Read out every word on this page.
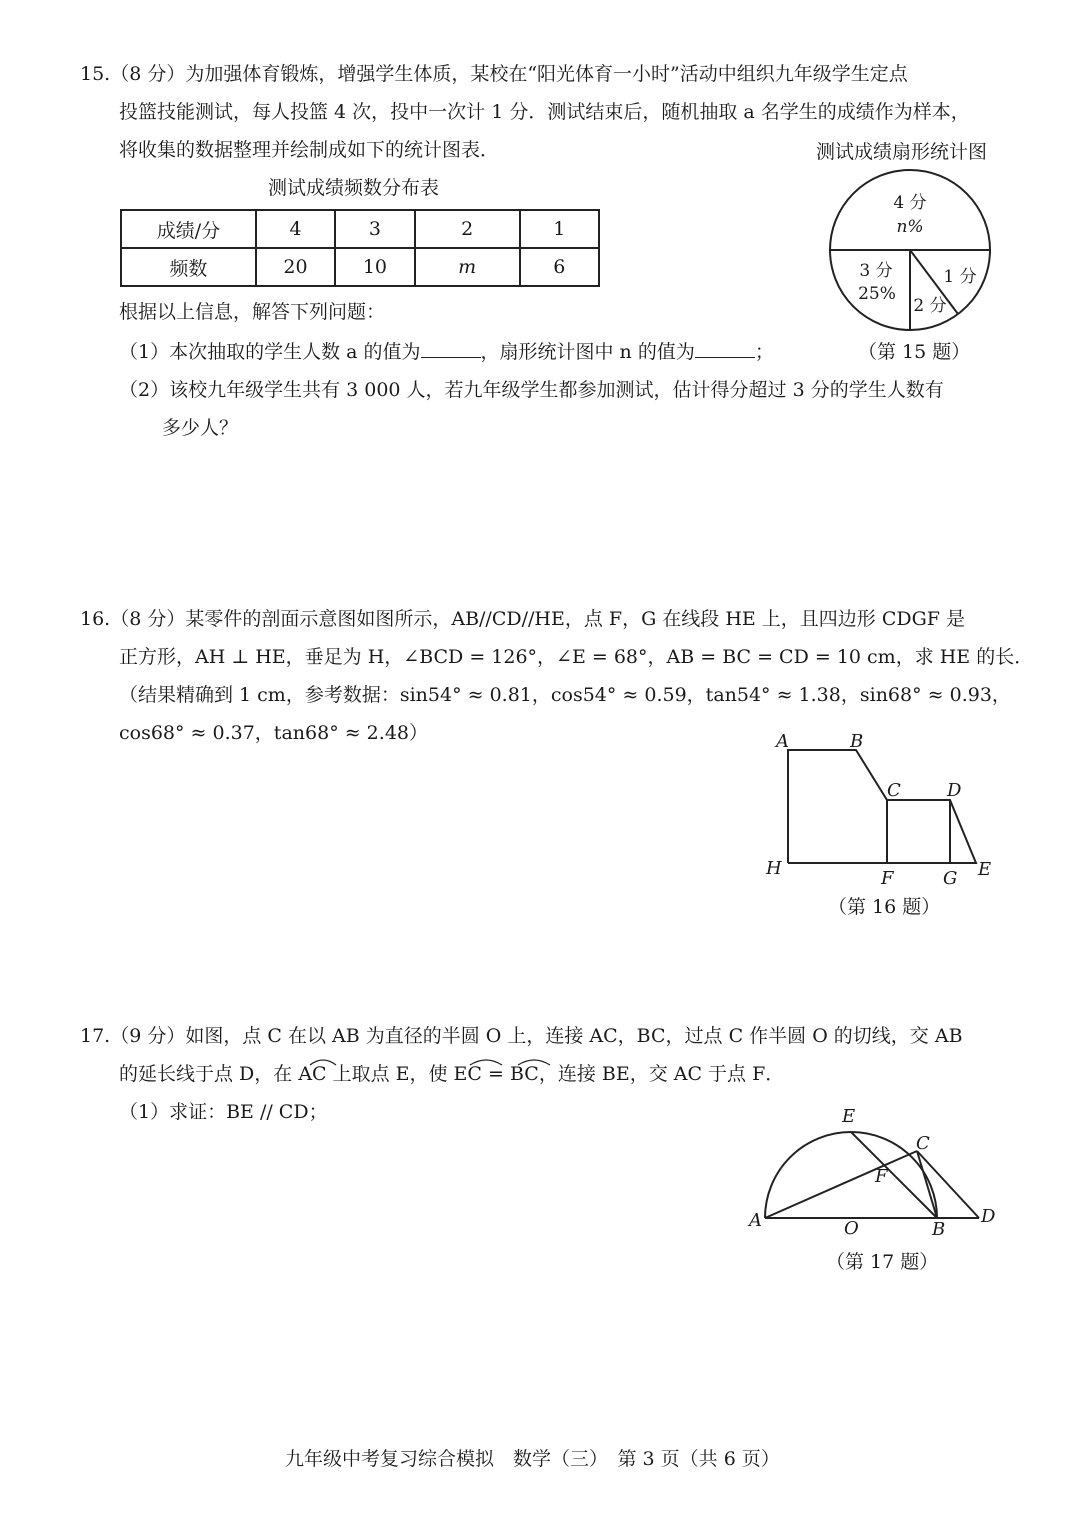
15.（8 分）为加强体育锻炼，增强学生体质，某校在“阳光体育一小时”活动中组织九年级学生定点
投篮技能测试，每人投篮 4 次，投中一次计 1 分．测试结束后，随机抽取 a 名学生的成绩作为样本，
将收集的数据整理并绘制成如下的统计图表．	测试成绩扇形统计图
测试成绩频数分布表
成绩/分	4	3	2	1
频数	20	10	m	6
4 分
n%
3 分
25%
1 分
2 分
根据以上信息，解答下列问题：
（1）本次抽取的学生人数 a 的值为	，扇形统计图中 n 的值为	；	（第 15 题）
（2）该校九年级学生共有 3 000 人，若九年级学生都参加测试，估计得分超过 3 分的学生人数有
多少人？
16.（8 分）某零件的剖面示意图如图所示，AB//CD//HE，点 F，G 在线段 HE 上，且四边形 CDGF 是
正方形，AH ⊥ HE，垂足为 H，∠BCD = 126°，∠E = 68°，AB = BC = CD = 10 cm，求 HE 的长．
（结果精确到 1 cm，参考数据：sin54° ≈ 0.81，cos54° ≈ 0.59，tan54° ≈ 1.38，sin68° ≈ 0.93，
cos68° ≈ 0.37，tan68° ≈ 2.48）	A	B
C	D
H	F	G E
（第 16 题）
17.（9 分）如图，点 C 在以 AB 为直径的半圆 O 上，连接 AC，BC，过点 C 作半圆 O 的切线，交 AB
的延长线于点 D，在 AC 上取点 E，使 EC = BC，连接 BE，交 AC 于点 F．
（1）求证：BE // CD；
A	O	B
D
C
E
F
（第 17 题）
九年级中考复习综合模拟　数学（三）　第 3 页（共 6 页）
